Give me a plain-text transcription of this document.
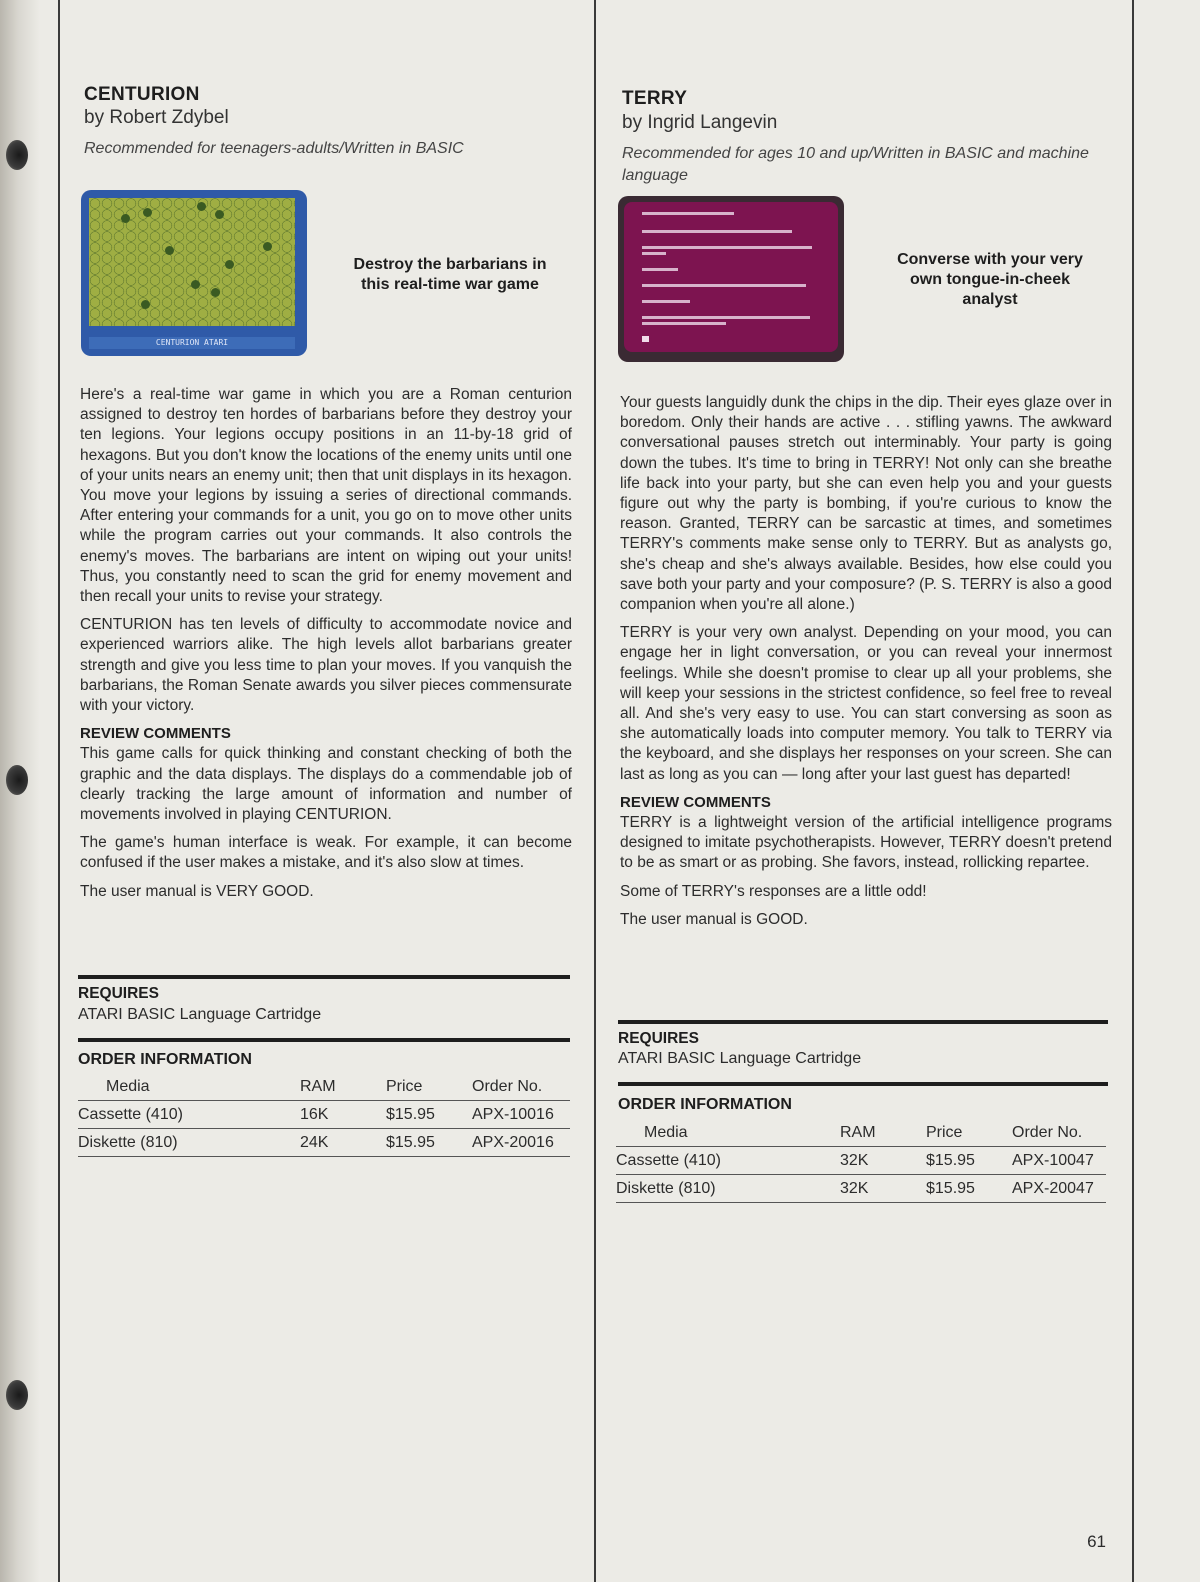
CENTURION
by Robert Zdybel
Recommended for teenagers-adults/Written in BASIC
CENTURION ATARI
Destroy the barbarians in this real-time war game

Here's a real-time war game in which you are a Roman centurion assigned to destroy ten hordes of barbarians before they destroy your ten legions. Your legions occupy positions in an 11-by-18 grid of hexagons. But you don't know the locations of the enemy units until one of your units nears an enemy unit; then that unit displays in its hexagon. You move your legions by issuing a series of directional commands. After entering your commands for a unit, you go on to move other units while the program carries out your commands. It also controls the enemy's moves. The barbarians are intent on wiping out your units! Thus, you constantly need to scan the grid for enemy movement and then recall your units to revise your strategy.

CENTURION has ten levels of difficulty to accommodate novice and experienced warriors alike. The high levels allot barbarians greater strength and give you less time to plan your moves. If you vanquish the barbarians, the Roman Senate awards you silver pieces commensurate with your victory.

REVIEW COMMENTS

This game calls for quick thinking and constant checking of both the graphic and the data displays. The displays do a commendable job of clearly tracking the large amount of information and number of movements involved in playing CENTURION.

The game's human interface is weak. For example, it can become confused if the user makes a mistake, and it's also slow at times.

The user manual is VERY GOOD.

REQUIRES
ATARI BASIC Language Cartridge
ORDER INFORMATION
Media	RAM	Price	Order No.
Cassette (410)	16K	$15.95	APX-10016
Diskette (810)	24K	$15.95	APX-20016
TERRY
by Ingrid Langevin
Recommended for ages 10 and up/Written in BASIC and machine language
Converse with your very own tongue-in-cheek analyst

Your guests languidly dunk the chips in the dip. Their eyes glaze over in boredom. Only their hands are active . . . stifling yawns. The awkward conversational pauses stretch out interminably. Your party is going down the tubes. It's time to bring in TERRY! Not only can she breathe life back into your party, but she can even help you and your guests figure out why the party is bombing, if you're curious to know the reason. Granted, TERRY can be sarcastic at times, and sometimes TERRY's comments make sense only to TERRY. But as analysts go, she's cheap and she's always available. Besides, how else could you save both your party and your composure? (P. S. TERRY is also a good companion when you're all alone.)

TERRY is your very own analyst. Depending on your mood, you can engage her in light conversation, or you can reveal your innermost feelings. While she doesn't promise to clear up all your problems, she will keep your sessions in the strictest confidence, so feel free to reveal all. And she's very easy to use. You can start conversing as soon as she automatically loads into computer memory. You talk to TERRY via the keyboard, and she displays her responses on your screen. She can last as long as you can — long after your last guest has departed!

REVIEW COMMENTS

TERRY is a lightweight version of the artificial intelligence programs designed to imitate psychotherapists. However, TERRY doesn't pretend to be as smart or as probing. She favors, instead, rollicking repartee.

Some of TERRY's responses are a little odd!

The user manual is GOOD.

REQUIRES
ATARI BASIC Language Cartridge
ORDER INFORMATION
Media	RAM	Price	Order No.
Cassette (410)	32K	$15.95	APX-10047
Diskette (810)	32K	$15.95	APX-20047
61
